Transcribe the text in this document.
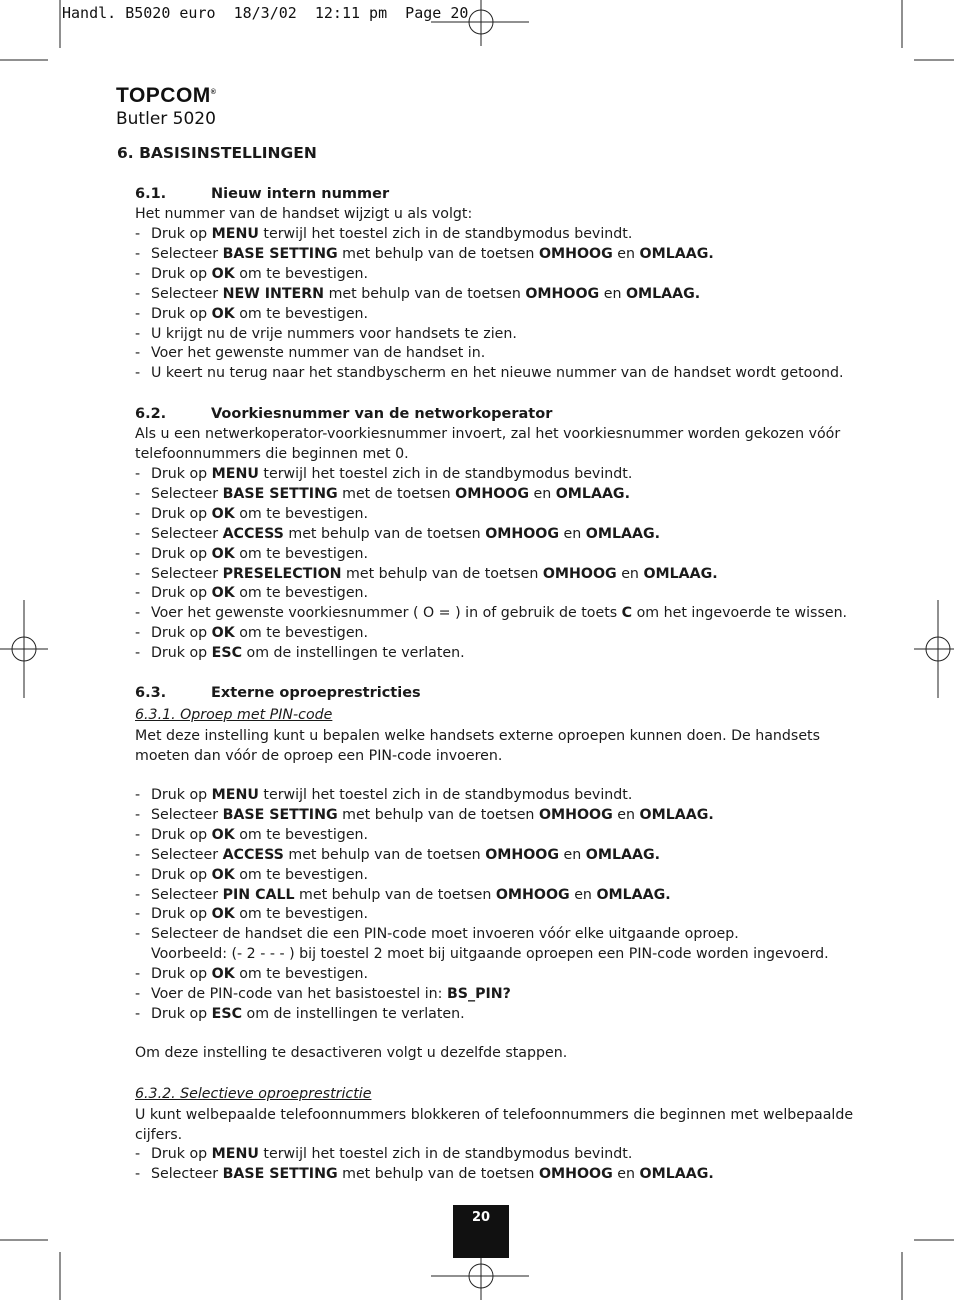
Handl. B5020 euro  18/3/02  12:11 pm  Page 20

TOPCOM®
Butler 5020
6. BASISINSTELLINGEN
6.1.	Nieuw intern nummer

Het nummer van de handset wijzigt u als volgt:

- Druk op MENU terwijl het toestel zich in de standbymodus bevindt.

- Selecteer BASE SETTING met behulp van de toetsen OMHOOG en OMLAAG.

- Druk op OK om te bevestigen.

- Selecteer NEW INTERN met behulp van de toetsen OMHOOG en OMLAAG.

- Druk op OK om te bevestigen.

- U krijgt nu de vrije nummers voor handsets te zien.

- Voer het gewenste nummer van de handset in.

- U keert nu terug naar het standbyscherm en het nieuwe nummer van de handset wordt getoond.

6.2.	Voorkiesnummer van de networkoperator

Als u een netwerkoperator-voorkiesnummer invoert, zal het voorkiesnummer worden gekozen vóór

telefoonnummers die beginnen met 0.

- Druk op MENU terwijl het toestel zich in de standbymodus bevindt.

- Selecteer BASE SETTING met de toetsen OMHOOG en OMLAAG.

- Druk op OK om te bevestigen.

- Selecteer ACCESS met behulp van de toetsen OMHOOG en OMLAAG.

- Druk op OK om te bevestigen.

- Selecteer PRESELECTION met behulp van de toetsen OMHOOG en OMLAAG.

- Druk op OK om te bevestigen.

- Voer het gewenste voorkiesnummer ( O = ) in of gebruik de toets C om het ingevoerde te wissen.

- Druk op OK om te bevestigen.

- Druk op ESC om de instellingen te verlaten.

6.3.	Externe oproeprestricties

6.3.1. Oproep met PIN-code

Met deze instelling kunt u bepalen welke handsets externe oproepen kunnen doen. De handsets

moeten dan vóór de oproep een PIN-code invoeren.

- Druk op MENU terwijl het toestel zich in de standbymodus bevindt.

- Selecteer BASE SETTING met behulp van de toetsen OMHOOG en OMLAAG.

- Druk op OK om te bevestigen.

- Selecteer ACCESS met behulp van de toetsen OMHOOG en OMLAAG.

- Druk op OK om te bevestigen.

- Selecteer PIN CALL met behulp van de toetsen OMHOOG en OMLAAG.

- Druk op OK om te bevestigen.

- Selecteer de handset die een PIN-code moet invoeren vóór elke uitgaande oproep.

Voorbeeld: (- 2 - - - ) bij toestel 2 moet bij uitgaande oproepen een PIN-code worden ingevoerd.

- Druk op OK om te bevestigen.

- Voer de PIN-code van het basistoestel in: BS_PIN?

- Druk op ESC om de instellingen te verlaten.

Om deze instelling te desactiveren volgt u dezelfde stappen.

6.3.2. Selectieve oproeprestrictie

U kunt welbepaalde telefoonnummers blokkeren of telefoonnummers die beginnen met welbepaalde

cijfers.

- Druk op MENU terwijl het toestel zich in de standbymodus bevindt.

- Selecteer BASE SETTING met behulp van de toetsen OMHOOG en OMLAAG.

20
